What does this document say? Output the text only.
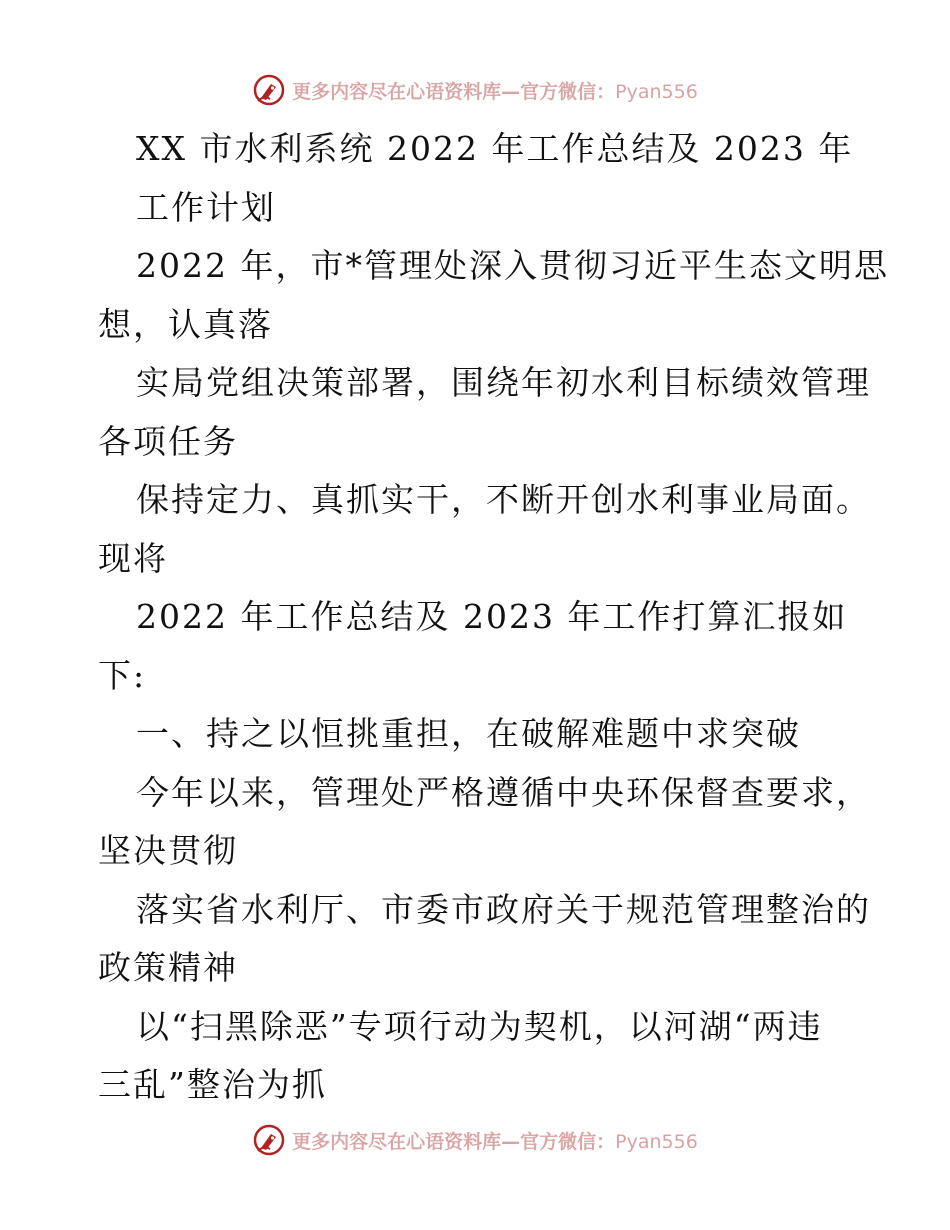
更多内容尽在心语资料库—官方微信：Pyan556
XX 市水利系统 2022 年工作总结及 2023 年
工作计划
2022 年，市*管理处深入贯彻习近平生态文明思
想，认真落
实局党组决策部署，围绕年初水利目标绩效管理
各项任务
保持定力、真抓实干，不断开创水利事业局面。
现将
2022 年工作总结及 2023 年工作打算汇报如
下:
一、持之以恒挑重担，在破解难题中求突破
今年以来，管理处严格遵循中央环保督查要求，
坚决贯彻
落实省水利厅、市委市政府关于规范管理整治的
政策精神
以“扫黑除恶”专项行动为契机，以河湖“两违
三乱”整治为抓
更多内容尽在心语资料库—官方微信：Pyan556
